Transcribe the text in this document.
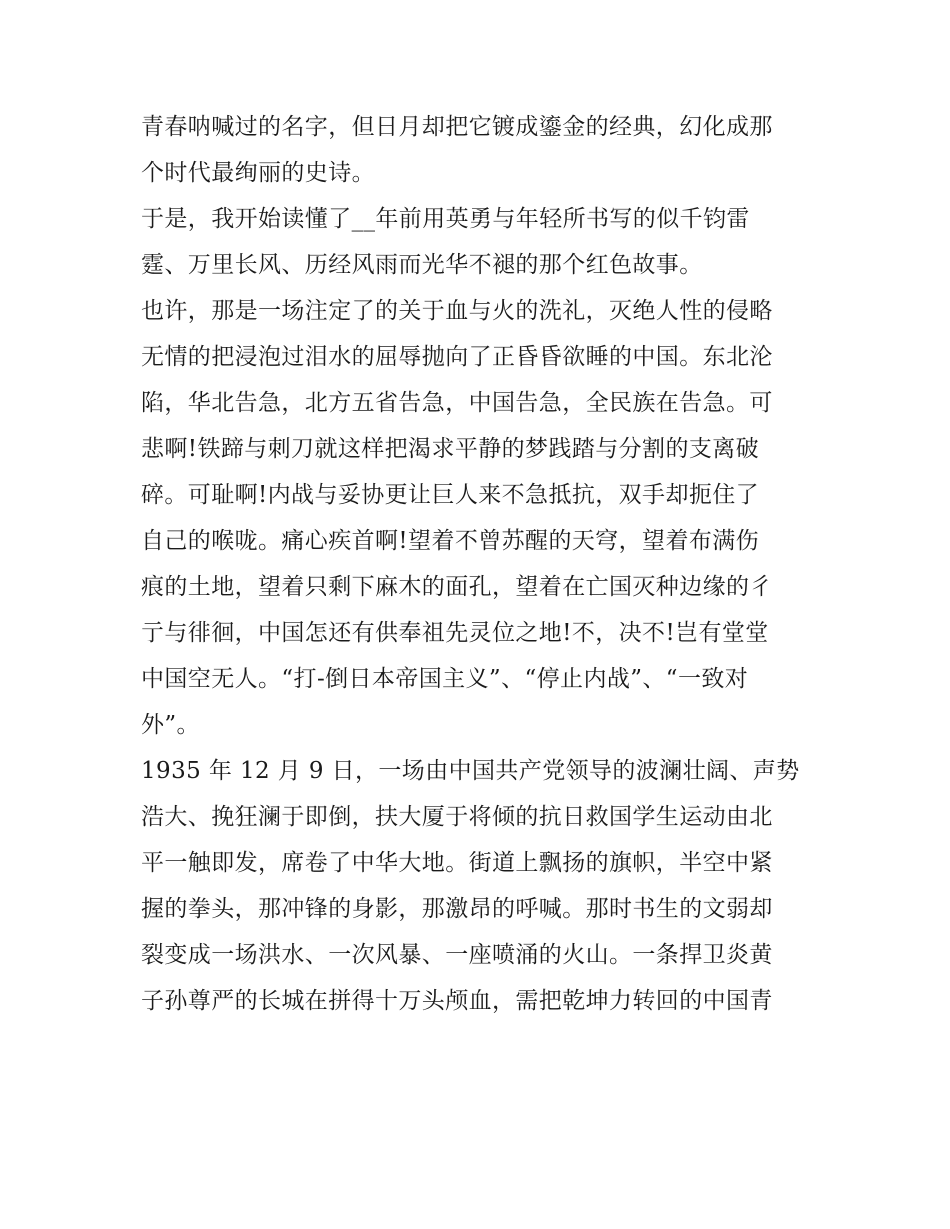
青春呐喊过的名字，但日月却把它镀成鎏金的经典，幻化成那
个时代最绚丽的史诗。
于是，我开始读懂了__年前用英勇与年轻所书写的似千钧雷
霆、万里长风、历经风雨而光华不褪的那个红色故事。
也许，那是一场注定了的关于血与火的洗礼，灭绝人性的侵略
无情的把浸泡过泪水的屈辱抛向了正昏昏欲睡的中国。东北沦
陷，华北告急，北方五省告急，中国告急，全民族在告急。可
悲啊!铁蹄与刺刀就这样把渴求平静的梦践踏与分割的支离破
碎。可耻啊!内战与妥协更让巨人来不急抵抗，双手却扼住了
自己的喉咙。痛心疾首啊!望着不曾苏醒的天穹，望着布满伤
痕的土地，望着只剩下麻木的面孔，望着在亡国灭种边缘的彳
亍与徘徊，中国怎还有供奉祖先灵位之地!不，决不!岂有堂堂
中国空无人。“打-倒日本帝国主义”、“停止内战”、“一致对
外”。
1935 年 12 月 9 日，一场由中国共产党领导的波澜壮阔、声势
浩大、挽狂澜于即倒，扶大厦于将倾的抗日救国学生运动由北
平一触即发，席卷了中华大地。街道上飘扬的旗帜，半空中紧
握的拳头，那冲锋的身影，那激昂的呼喊。那时书生的文弱却
裂变成一场洪水、一次风暴、一座喷涌的火山。一条捍卫炎黄
子孙尊严的长城在拼得十万头颅血，需把乾坤力转回的中国青
